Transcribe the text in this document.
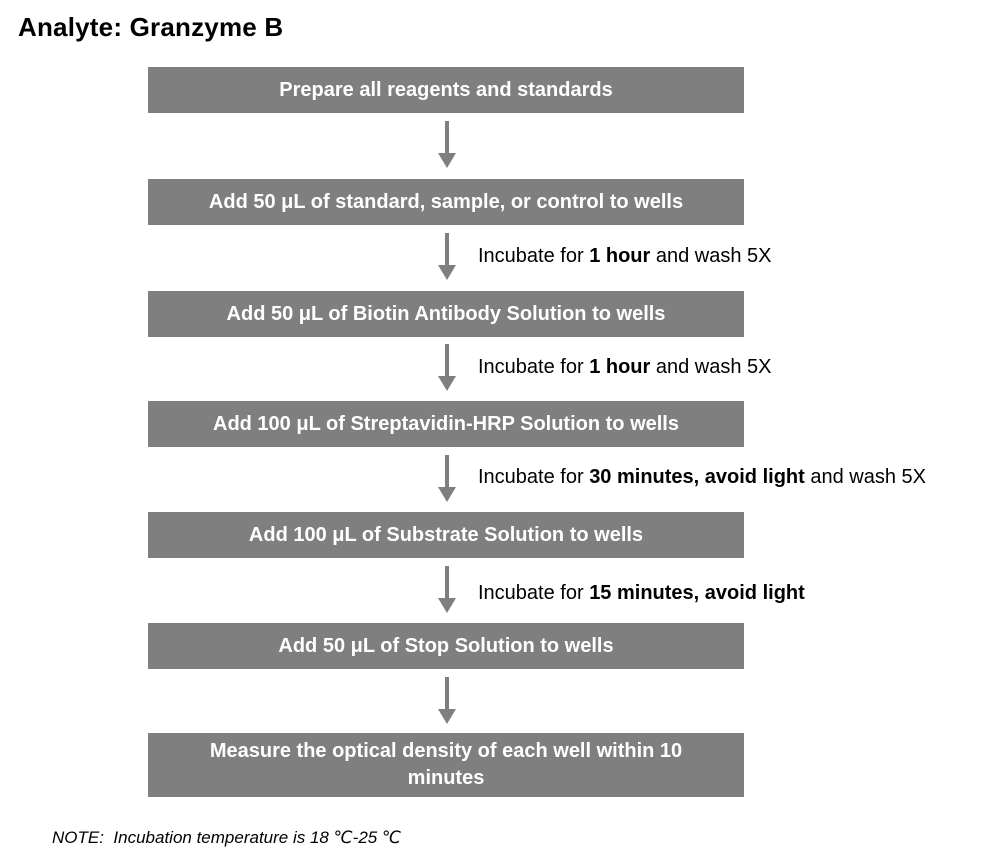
Analyte: Granzyme B
Prepare all reagents and standards
Add 50 μL of standard, sample, or control to wells
Add 50 μL of Biotin Antibody Solution to wells
Add 100 μL of Streptavidin-HRP Solution to wells
Add 100 μL of Substrate Solution to wells
Add 50 μL of Stop Solution to wells
Measure the optical density of each well within 10 minutes
Incubate for 1 hour and wash 5X
Incubate for 1 hour and wash 5X
Incubate for 30 minutes, avoid light and wash 5X
Incubate for 15 minutes, avoid light
NOTE: Incubation temperature is 18 ℃-25 ℃
